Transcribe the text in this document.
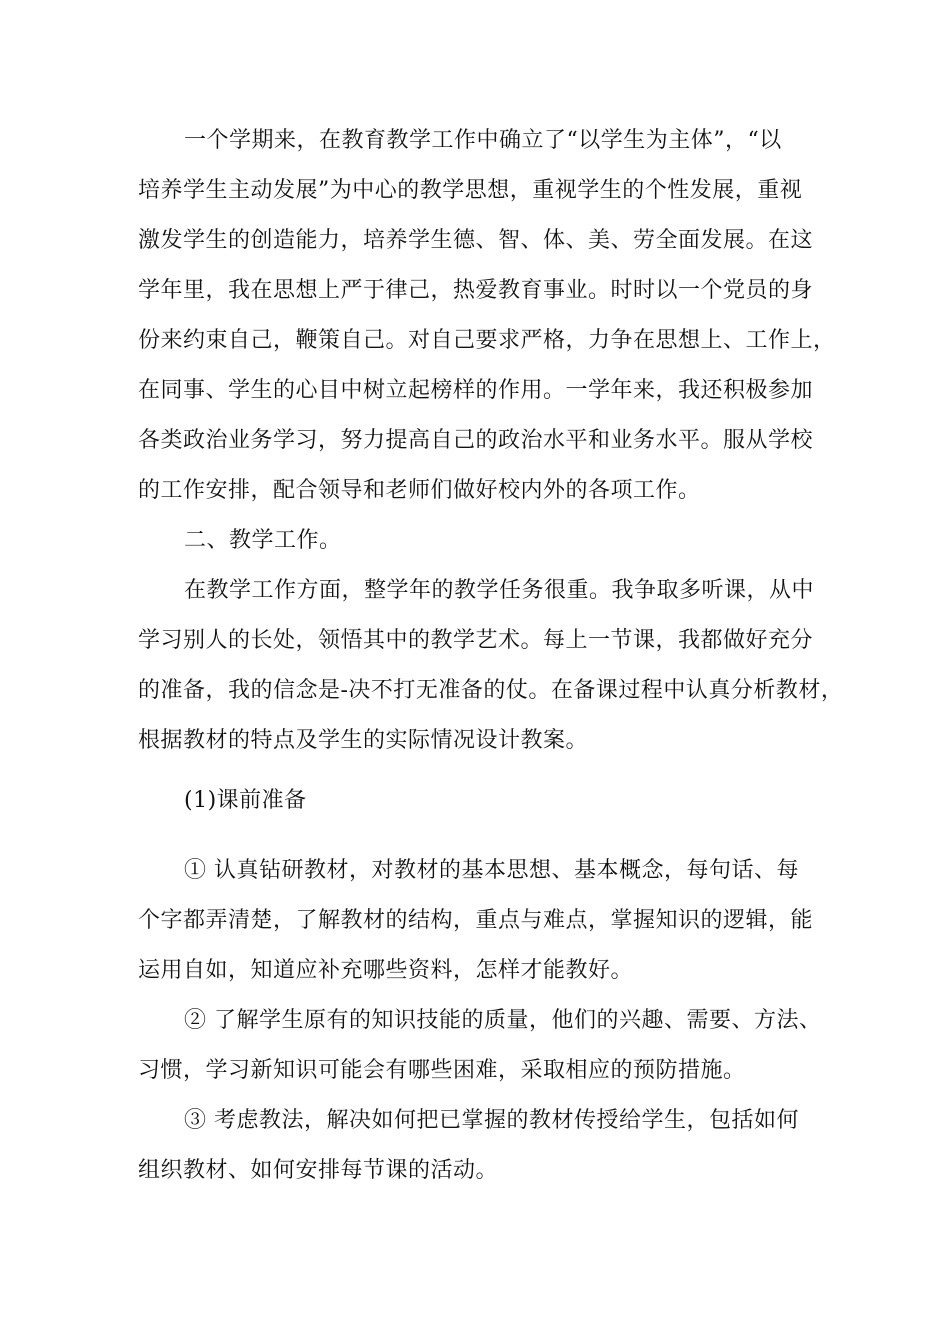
一个学期来，在教育教学工作中确立了“以学生为主体”，“以
培养学生主动发展”为中心的教学思想，重视学生的个性发展，重视
激发学生的创造能力，培养学生德、智、体、美、劳全面发展。在这
学年里，我在思想上严于律己，热爱教育事业。时时以一个党员的身
份来约束自己，鞭策自己。对自己要求严格，力争在思想上、工作上，
在同事、学生的心目中树立起榜样的作用。一学年来，我还积极参加
各类政治业务学习，努力提高自己的政治水平和业务水平。服从学校
的工作安排，配合领导和老师们做好校内外的各项工作。
二、教学工作。
在教学工作方面，整学年的教学任务很重。我争取多听课，从中
学习别人的长处，领悟其中的教学艺术。每上一节课，我都做好充分
的准备，我的信念是-决不打无准备的仗。在备课过程中认真分析教材，
根据教材的特点及学生的实际情况设计教案。
(1)课前准备
① 认真钻研教材，对教材的基本思想、基本概念，每句话、每
个字都弄清楚，了解教材的结构，重点与难点，掌握知识的逻辑，能
运用自如，知道应补充哪些资料，怎样才能教好。
② 了解学生原有的知识技能的质量，他们的兴趣、需要、方法、
习惯，学习新知识可能会有哪些困难，采取相应的预防措施。
③ 考虑教法，解决如何把已掌握的教材传授给学生，包括如何
组织教材、如何安排每节课的活动。
